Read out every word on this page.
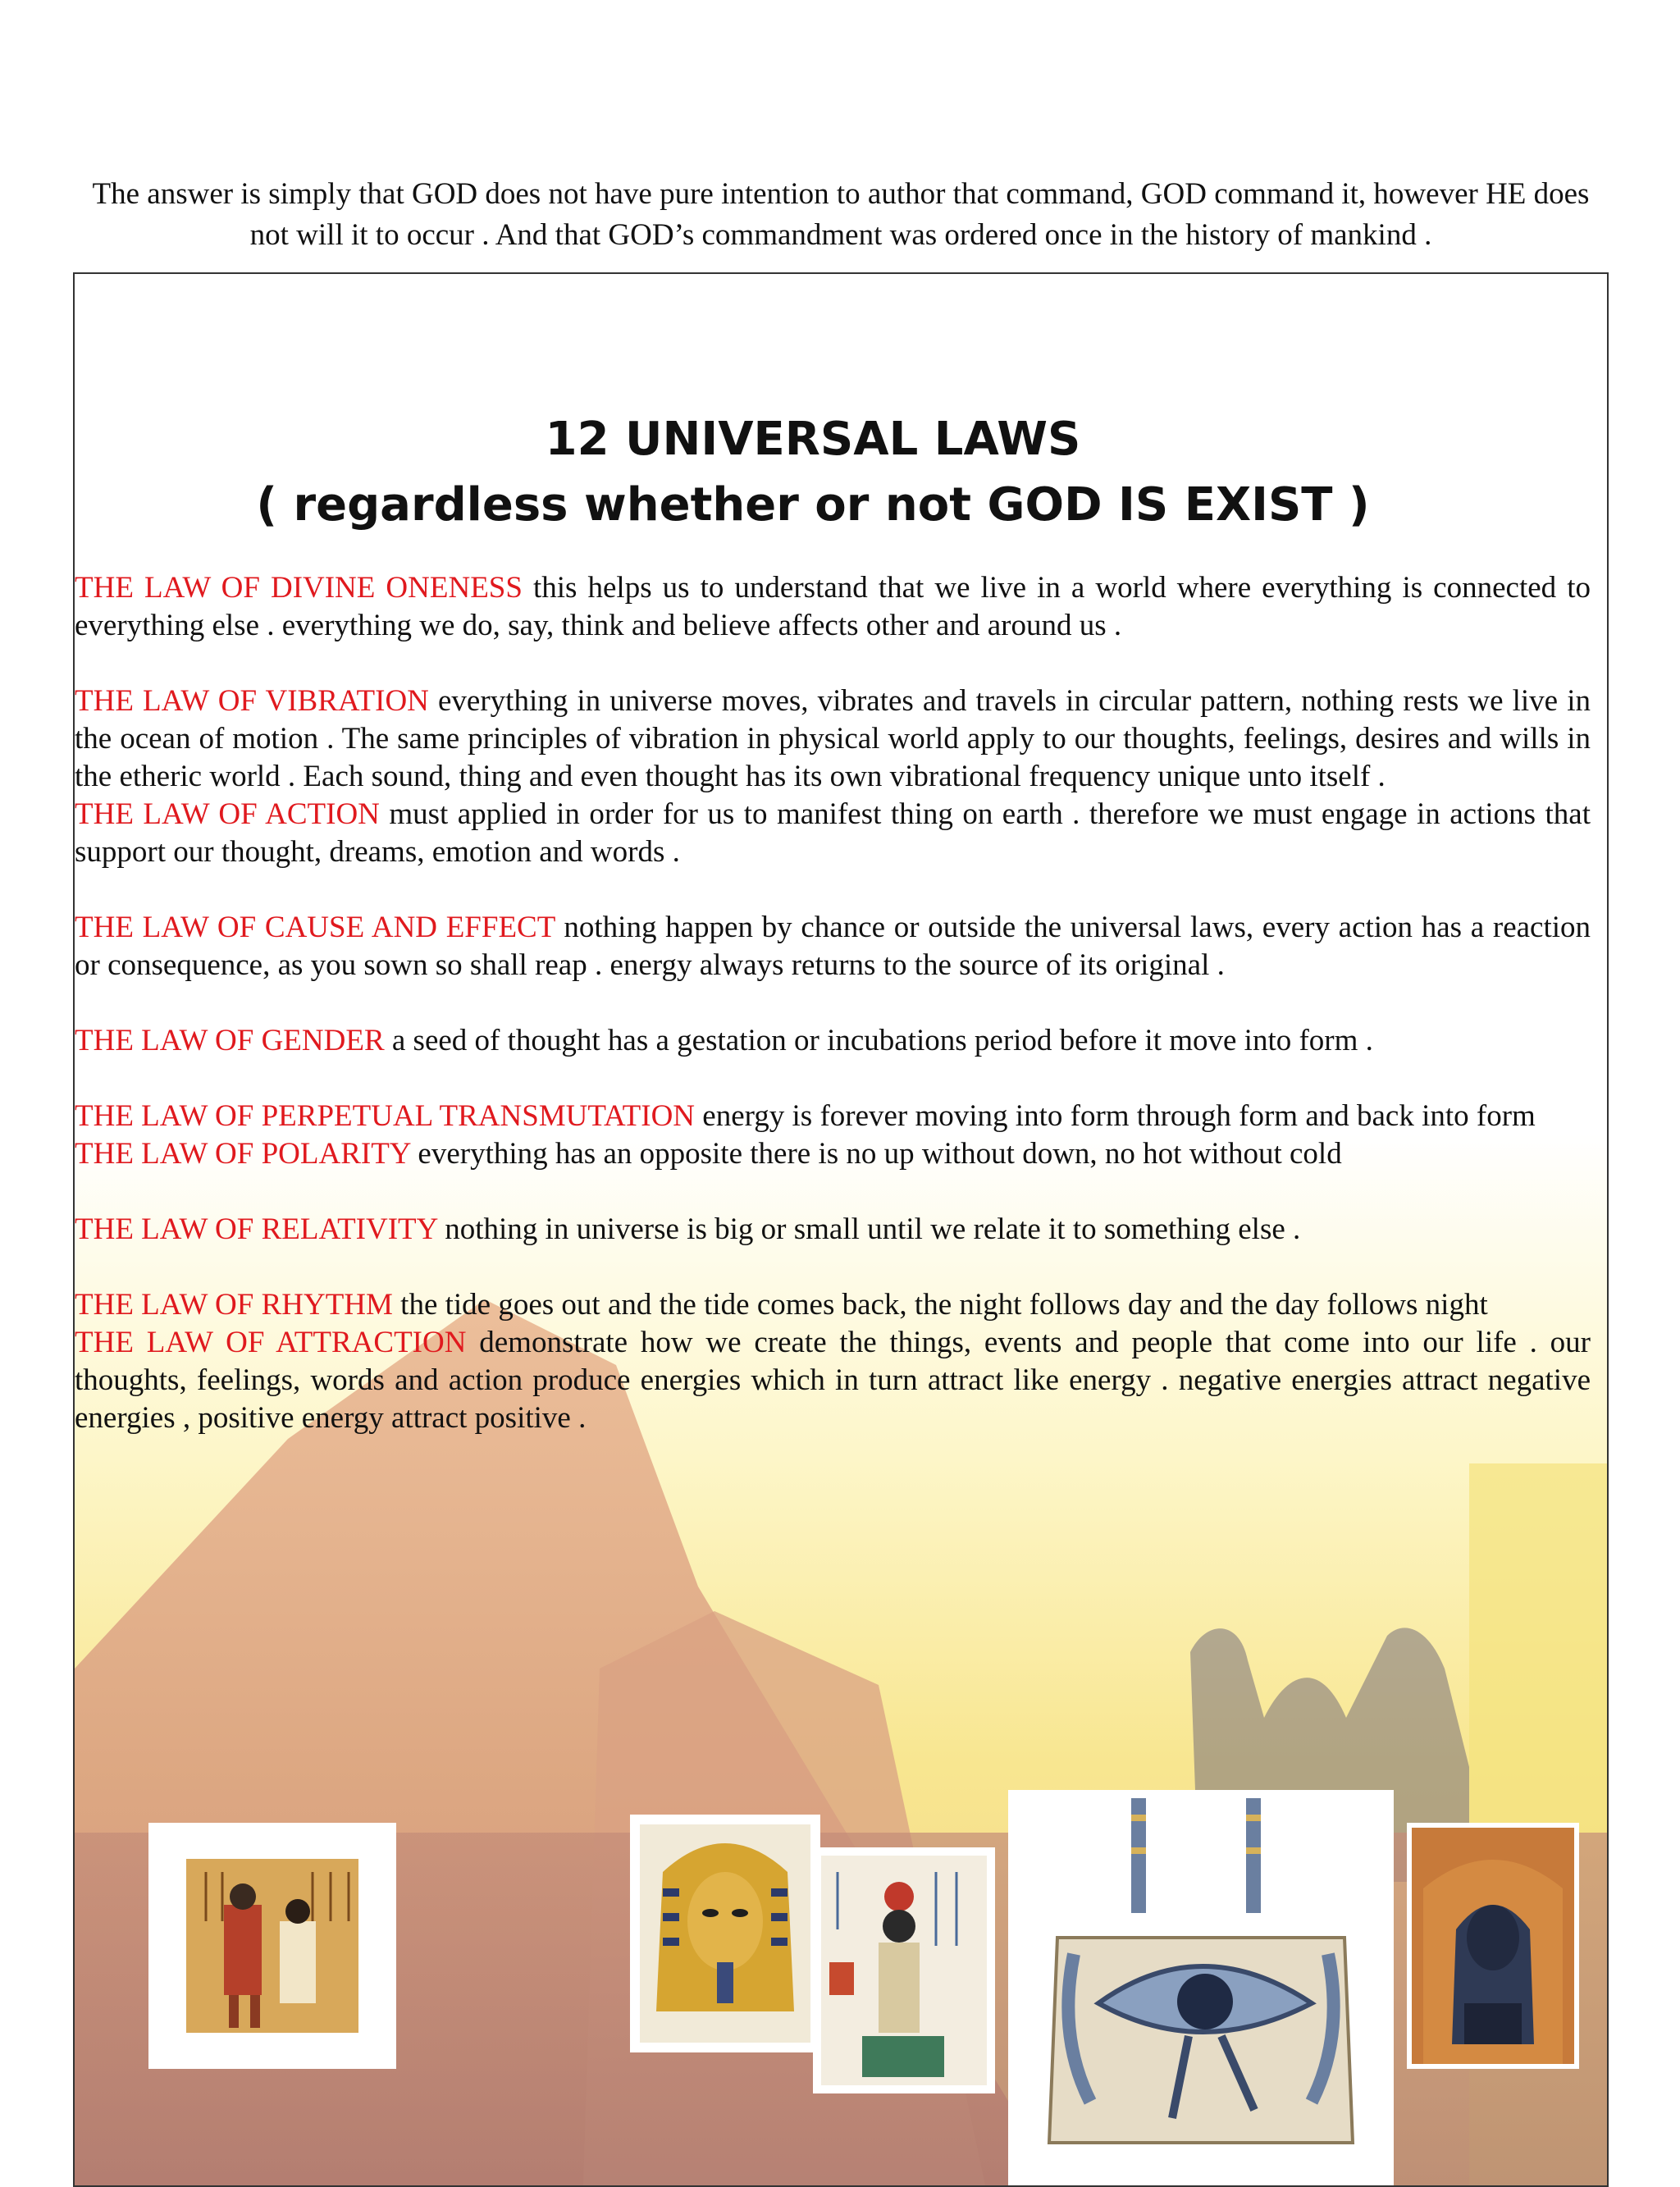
The answer is simply that GOD does not have pure intention to author that command, GOD command it, however HE does not will it to occur . And that GOD’s commandment was ordered once in the history of mankind .
12 UNIVERSAL LAWS
( regardless whether or not GOD IS EXIST )

THE LAW OF DIVINE ONENESS this helps us to understand that we live in a world where everything is connected to everything else . everything we do, say, think and believe affects other and around us .

THE LAW OF VIBRATION everything in universe moves, vibrates and travels in circular pattern, nothing rests we live in the ocean of motion . The same principles of vibration in physical world apply to our thoughts, feelings, desires and wills in the etheric world . Each sound, thing and even thought has its own vibrational frequency unique unto itself .

THE LAW OF ACTION must applied in order for us to manifest thing on earth . therefore we must engage in actions that support our thought, dreams, emotion and words .

THE LAW OF CAUSE AND EFFECT nothing happen by chance or outside the universal laws, every action has a reaction or consequence, as you sown so shall reap . energy always returns to the source of its original .

THE LAW OF GENDER a seed of thought has a gestation or incubations period before it move into form .

THE LAW OF PERPETUAL TRANSMUTATION energy is forever moving into form through form and back into form

THE LAW OF POLARITY everything has an opposite there is no up without down, no hot without cold

THE LAW OF RELATIVITY nothing in universe is big or small until we relate it to something else .

THE LAW OF RHYTHM the tide goes out and the tide comes back, the night follows day and the day follows night

THE LAW OF ATTRACTION demonstrate how we create the things, events and people that come into our life . our thoughts, feelings, words and action produce energies which in turn attract like energy . negative energies attract negative energies , positive energy attract positive .
